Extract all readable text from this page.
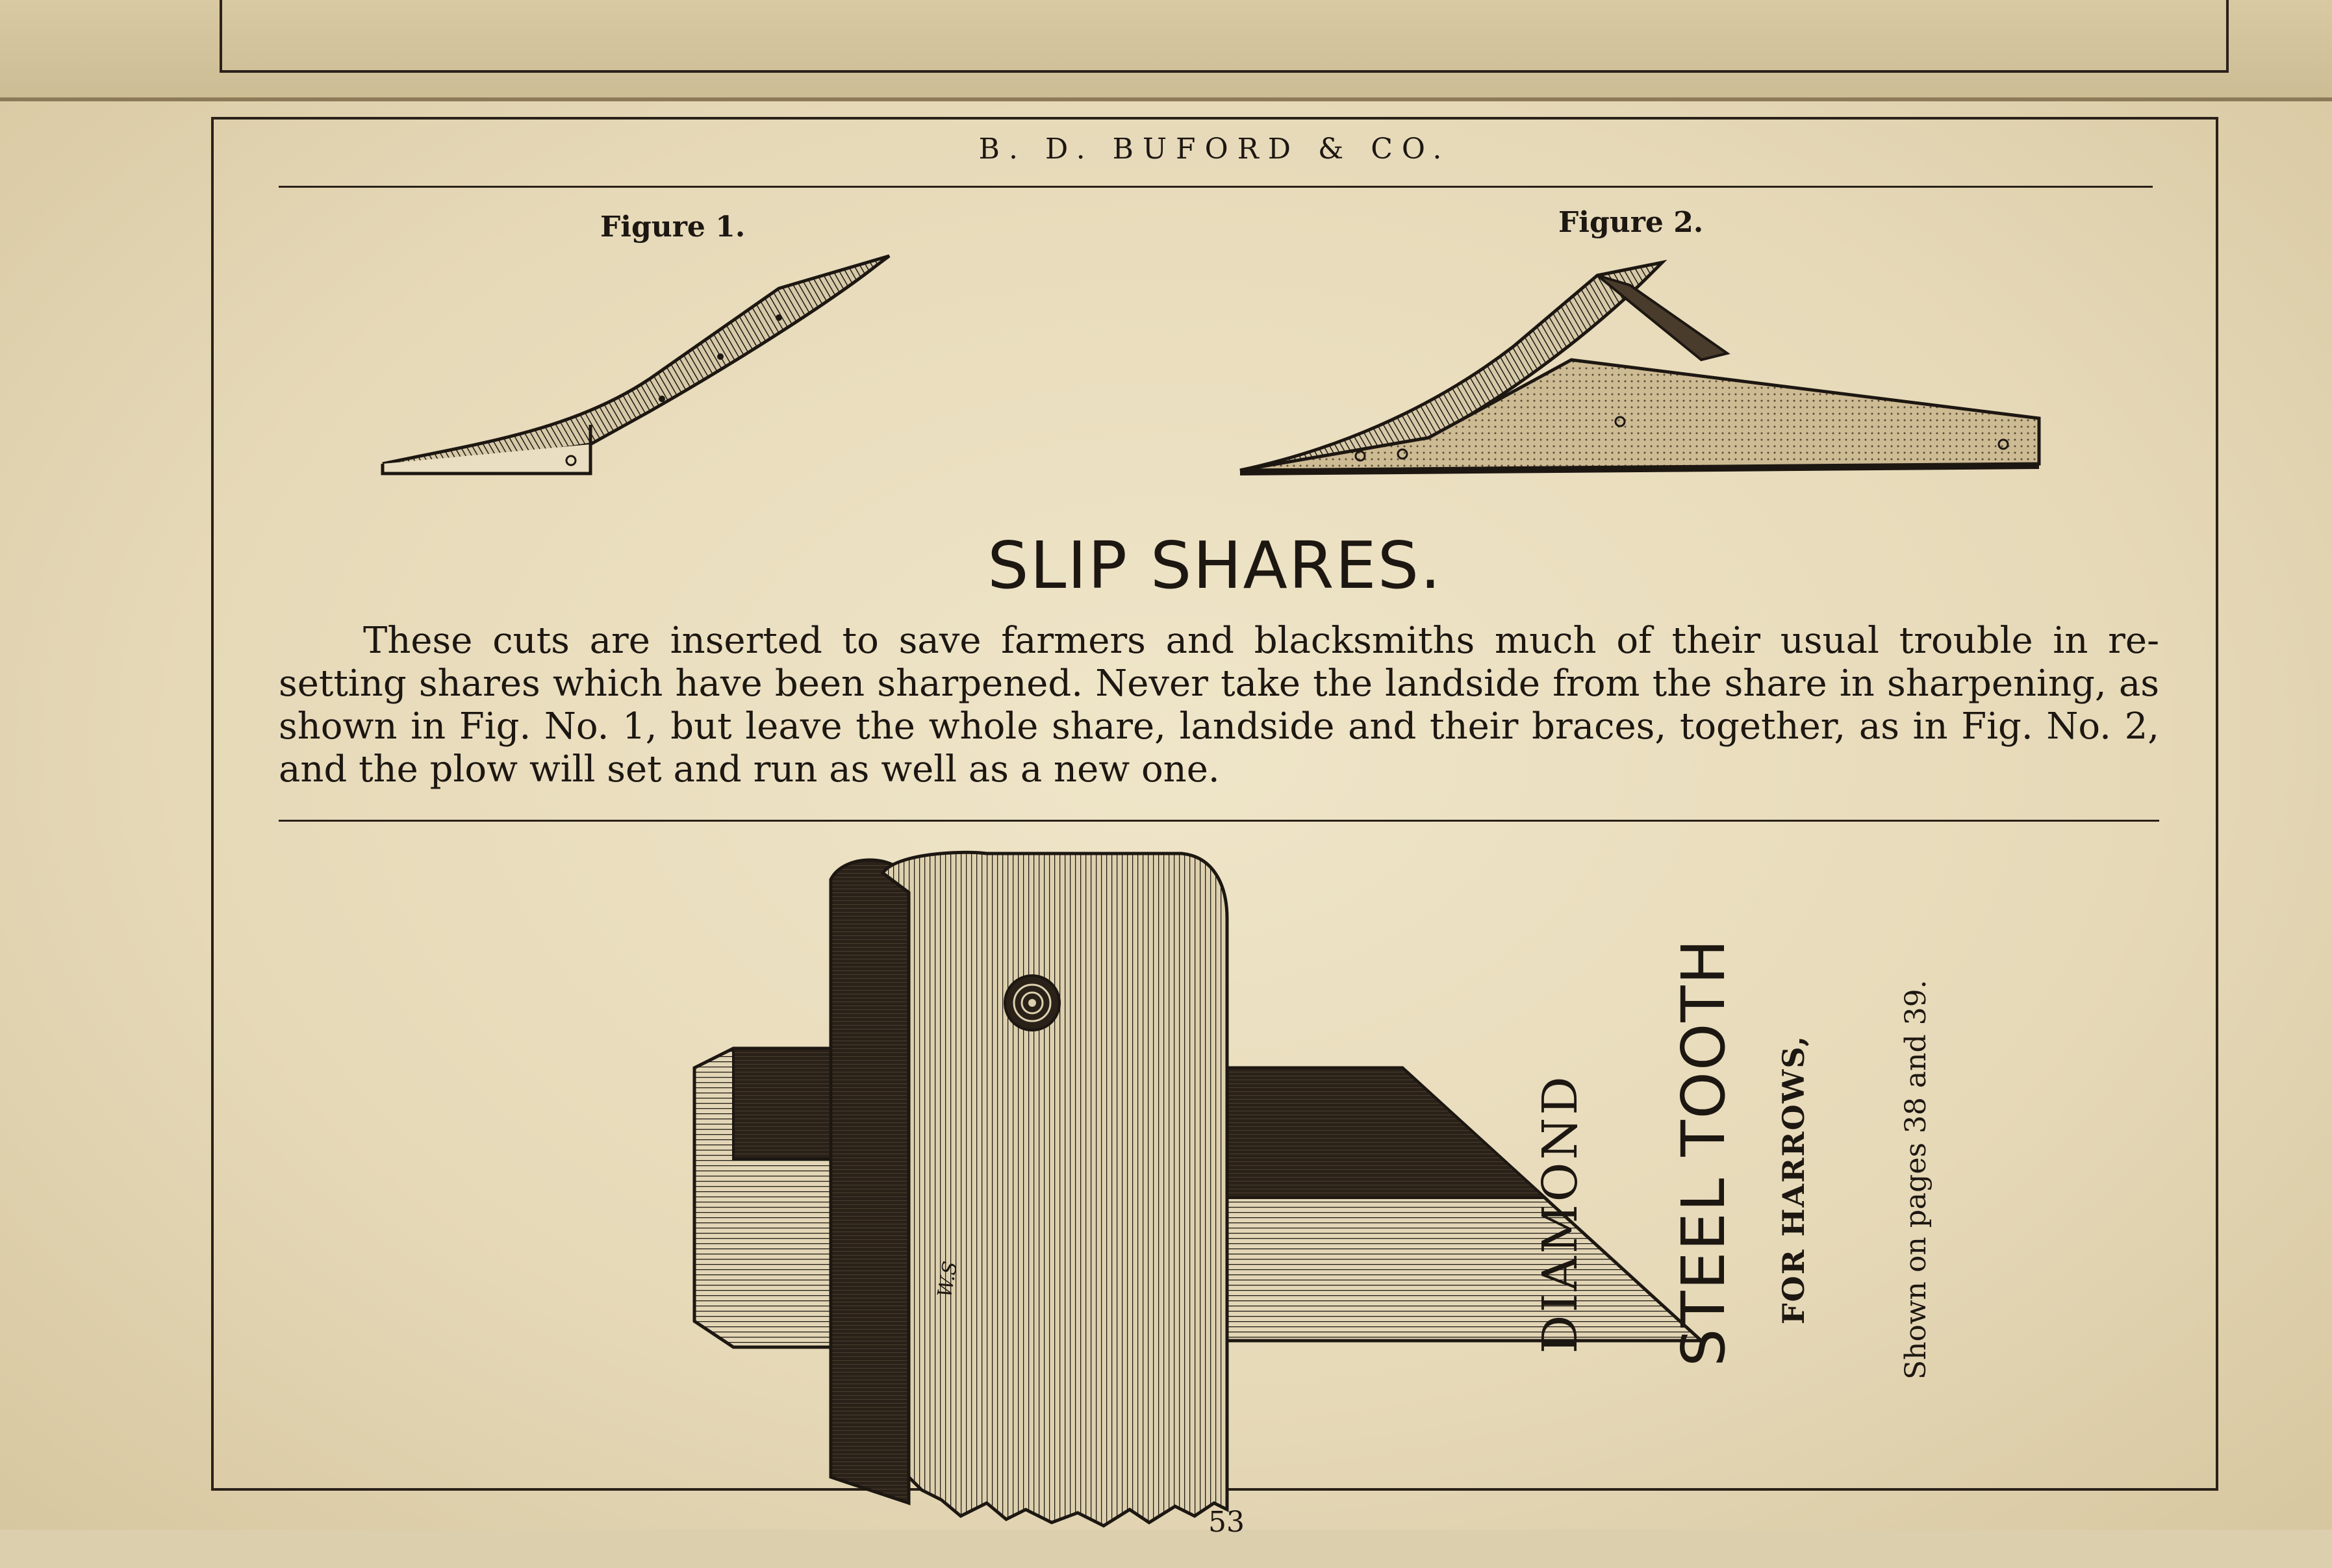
B. D. BUFORD & CO.
Figure 1.	Figure 2.
SLIP SHARES.

These cuts are inserted to save farmers and blacksmiths much of their usual trouble in re-setting shares which have been sharpened. Never take the landside from the share in sharpening, as shown in Fig. No. 1, but leave the whole share, landside and their braces, together, as in Fig. No. 2, and the plow will set and run as well as a new one.

W.S	DIAMOND STEEL TOOTH FOR HARROWS,	Shown on pages 38 and 39.
53
